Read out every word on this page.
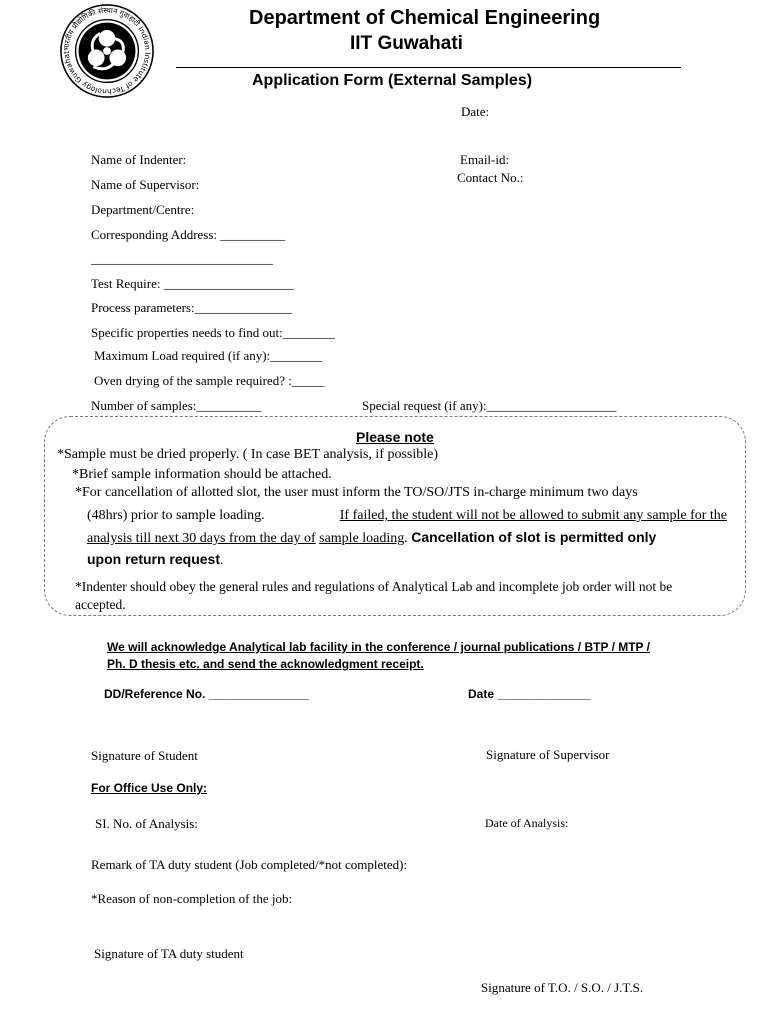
भारतीय प्रौद्योगिकी संस्थान गुवाहाटी Indian Institute of Technology Guwahat
Department of Chemical Engineering
IIT Guwahati
Application Form (External Samples)
Date:
Name of Indenter:	Email-id:
Name of Supervisor:	Contact No.:
Department/Centre:
Corresponding Address: __________
____________________________
Test Require: ____________________
Process parameters:_______________
Specific properties needs to find out:________
Maximum Load required (if any):________
Oven drying of the sample required? :_____
Number of samples:__________	Special request (if any):____________________
Please note
*Sample must be dried properly. ( In case BET analysis, if possible)
*Brief sample information should be attached.
*For cancellation of allotted slot, the user must inform the TO/SO/JTS in-charge minimum two days
(48hrs) prior to sample loading.	If failed, the student will not be allowed to submit any sample for the
analysis till next 30 days from the day of sample loading. Cancellation of slot is permitted only
upon return request.
*Indenter should obey the general rules and regulations of Analytical Lab and incomplete job order will not be
accepted.
We will acknowledge Analytical lab facility in the conference / journal publications / BTP / MTP /
Ph. D thesis etc. and send the acknowledgment receipt.
DD/Reference No. _______________	Date ______________
Signature of Student	Signature of Supervisor
For Office Use Only:
SI. No. of Analysis:	Date of Analysis:
Remark of TA duty student (Job completed/*not completed):
*Reason of non-completion of the job:
Signature of TA duty student
Signature of T.O. / S.O. / J.T.S.
